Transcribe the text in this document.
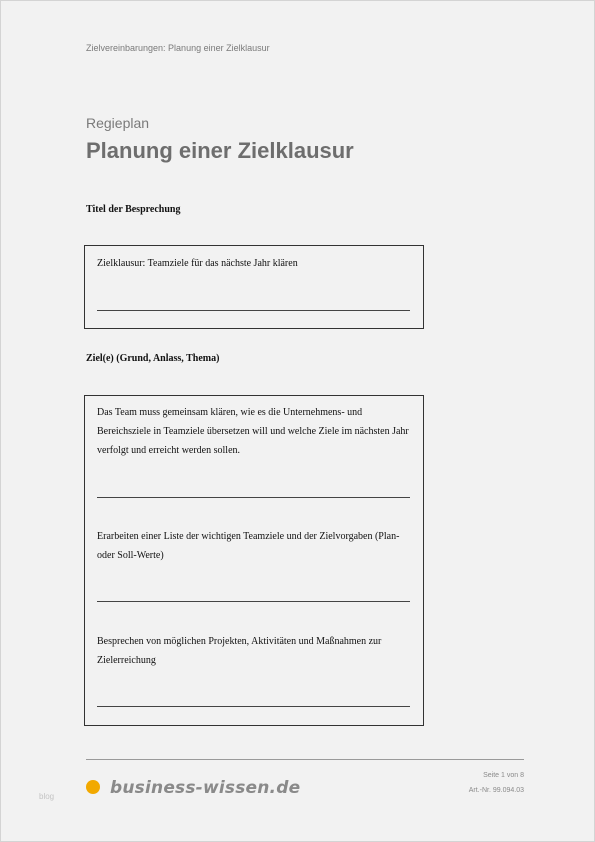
Zielvereinbarungen: Planung einer Zielklausur
Regieplan
Planung einer Zielklausur
Titel der Besprechung
Zielklausur: Teamziele für das nächste Jahr klären
Ziel(e) (Grund, Anlass, Thema)
Das Team muss gemeinsam klären, wie es die Unternehmens- und Bereichsziele in Teamziele übersetzen will und welche Ziele im nächsten Jahr verfolgt und erreicht werden sollen.
Erarbeiten einer Liste der wichtigen Teamziele und der Zielvorgaben (Plan- oder Soll-Werte)
Besprechen von möglichen Projekten, Aktivitäten und Maßnahmen zur Zielerreichung
business-wissen.de
Seite 1 von 8
Art.-Nr. 99.094.03
blog
